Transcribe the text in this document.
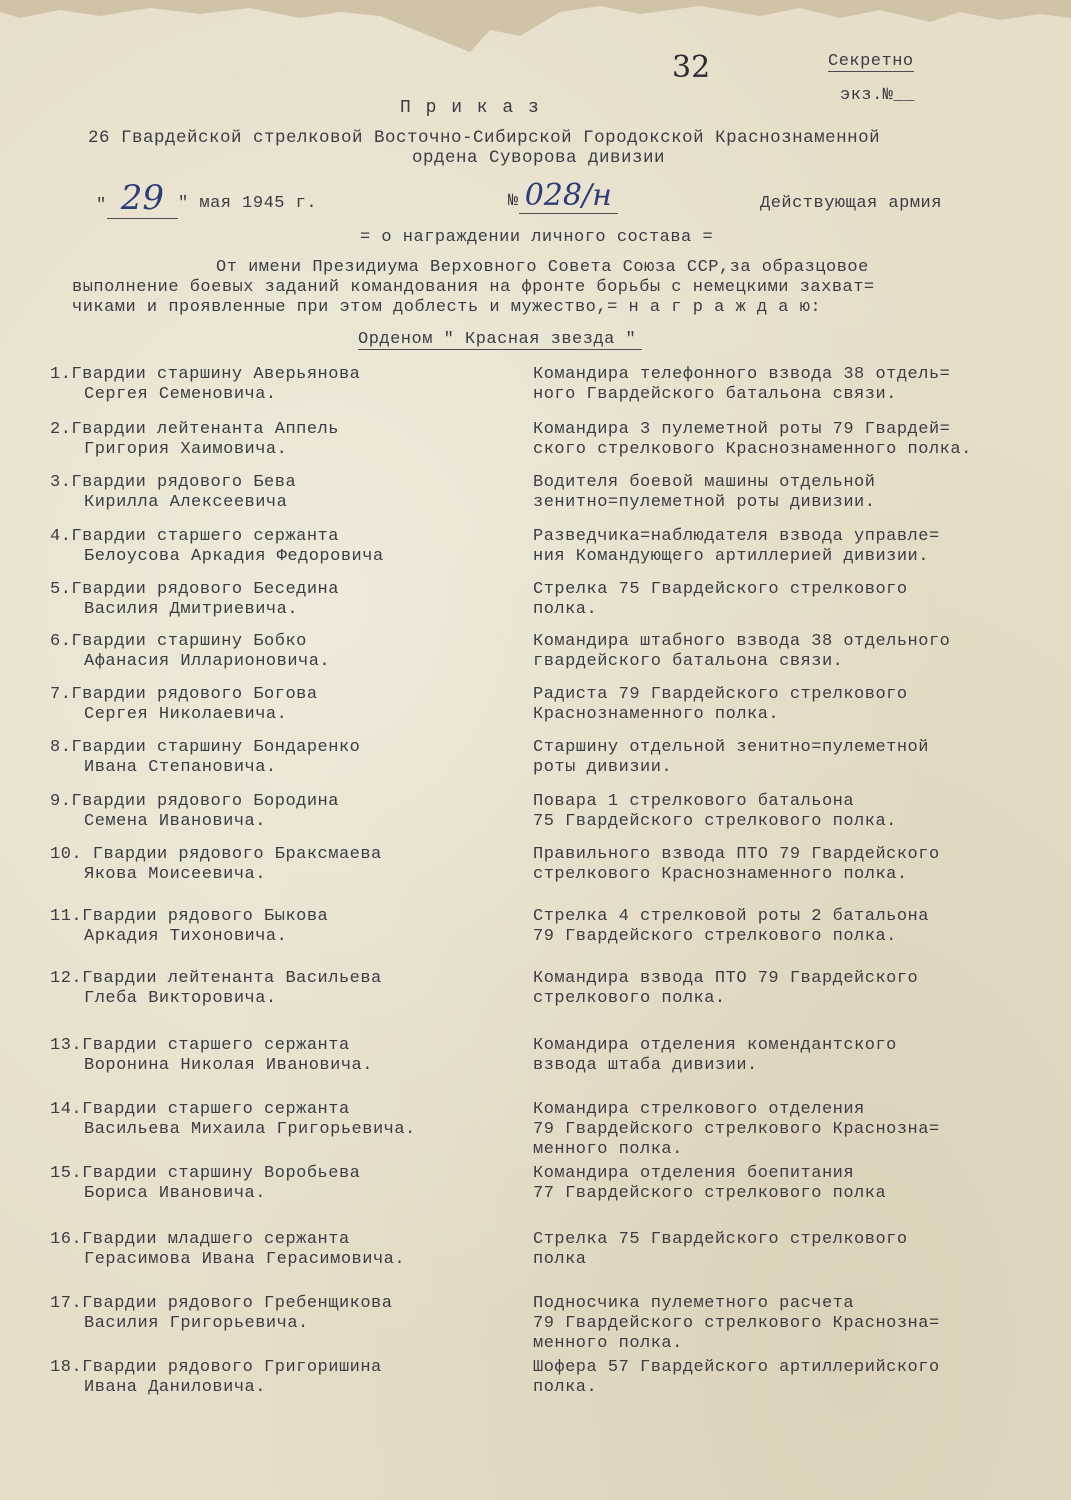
32	Секретно
экз.№__
П р и к а з
26 Гвардейской стрелковой Восточно-Сибирской Городокской Краснознаменной
ордена Суворова дивизии
" 29 " мая 1945 г.	№ 028/н	Действующая армия
= о награждении личного состава =
От имени Президиума Верховного Совета Союза ССР,за образцовое
выполнение боевых заданий командования на фронте борьбы с немецкими захват=
чиками и проявленные при этом доблесть и мужество,= н а г р а ж д а ю:
Орденом " Красная звезда "
1.Гвардии старшину Аверьянова
Сергея Семеновича.
Командира телефонного взвода 38 отдель=
ного Гвардейского батальона связи.
2.Гвардии лейтенанта Аппель
Григория Хаимовича.
Командира 3 пулеметной роты 79 Гвардей=
ского стрелкового Краснознаменного полка.
3.Гвардии рядового Бева
Кирилла Алексеевича
Водителя боевой машины отдельной
зенитно=пулеметной роты дивизии.
4.Гвардии старшего сержанта
Белоусова Аркадия Федоровича
Разведчика=наблюдателя взвода управле=
ния Командующего артиллерией дивизии.
5.Гвардии рядового Беседина
Василия Дмитриевича.
Стрелка 75 Гвардейского стрелкового
полка.
6.Гвардии старшину Бобко
Афанасия Илларионовича.
Командира штабного взвода 38 отдельного
гвардейского батальона связи.
7.Гвардии рядового Богова
Сергея Николаевича.
Радиста 79 Гвардейского стрелкового
Краснознаменного полка.
8.Гвардии старшину Бондаренко
Ивана Степановича.
Старшину отдельной зенитно=пулеметной
роты дивизии.
9.Гвардии рядового Бородина
Семена Ивановича.
Повара 1 стрелкового батальона
75 Гвардейского стрелкового полка.
10. Гвардии рядового Браксмаева
Якова Моисеевича.
Правильного взвода ПТО 79 Гвардейского
стрелкового Краснознаменного полка.
11.Гвардии рядового Быкова
Аркадия Тихоновича.
Стрелка 4 стрелковой роты 2 батальона
79 Гвардейского стрелкового полка.
12.Гвардии лейтенанта Васильева
Глеба Викторовича.
Командира взвода ПТО 79 Гвардейского
стрелкового полка.
13.Гвардии старшего сержанта
Воронина Николая Ивановича.
Командира отделения комендантского
взвода штаба дивизии.
14.Гвардии старшего сержанта
Васильева Михаила Григорьевича.
Командира стрелкового отделения
79 Гвардейского стрелкового Краснозна=
менного полка.
15.Гвардии старшину Воробьева
Бориса Ивановича.
Командира отделения боепитания
77 Гвардейского стрелкового полка
16.Гвардии младшего сержанта
Герасимова Ивана Герасимовича.
Стрелка 75 Гвардейского стрелкового
полка
17.Гвардии рядового Гребенщикова
Василия Григорьевича.
Подносчика пулеметного расчета
79 Гвардейского стрелкового Краснозна=
менного полка.
18.Гвардии рядового Григоришина
Ивана Даниловича.
Шофера 57 Гвардейского артиллерийского
полка.
